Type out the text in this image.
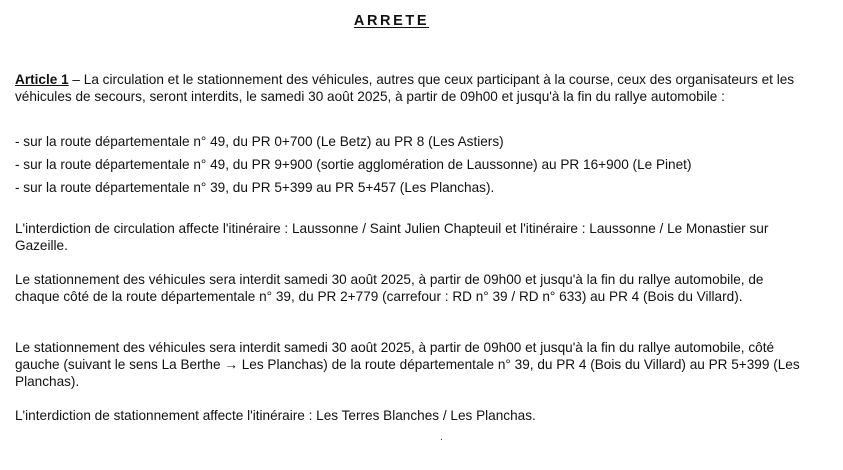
ARRETE

Article 1 – La circulation et le stationnement des véhicules, autres que ceux participant à la course, ceux des organisateurs et les véhicules de secours, seront interdits, le samedi 30 août 2025, à partir de 09h00 et jusqu'à la fin du rallye automobile :

- sur la route départementale n° 49, du PR 0+700 (Le Betz) au PR 8 (Les Astiers)
- sur la route départementale n° 49, du PR 9+900 (sortie agglomération de Laussonne) au PR 16+900 (Le Pinet)
- sur la route départementale n° 39, du PR 5+399 au PR 5+457 (Les Planchas).

L'interdiction de circulation affecte l'itinéraire : Laussonne / Saint Julien Chapteuil et l'itinéraire : Laussonne / Le Monastier sur Gazeille.

Le stationnement des véhicules sera interdit samedi 30 août 2025, à partir de 09h00 et jusqu'à la fin du rallye automobile, de chaque côté de la route départementale n° 39, du PR 2+779 (carrefour : RD n° 39 / RD n° 633) au PR 4 (Bois du Villard).

Le stationnement des véhicules sera interdit samedi 30 août 2025, à partir de 09h00 et jusqu'à la fin du rallye automobile, côté gauche (suivant le sens La Berthe → Les Planchas) de la route départementale n° 39, du PR 4 (Bois du Villard) au PR 5+399 (Les Planchas).

L'interdiction de stationnement affecte l'itinéraire : Les Terres Blanches / Les Planchas.

.
